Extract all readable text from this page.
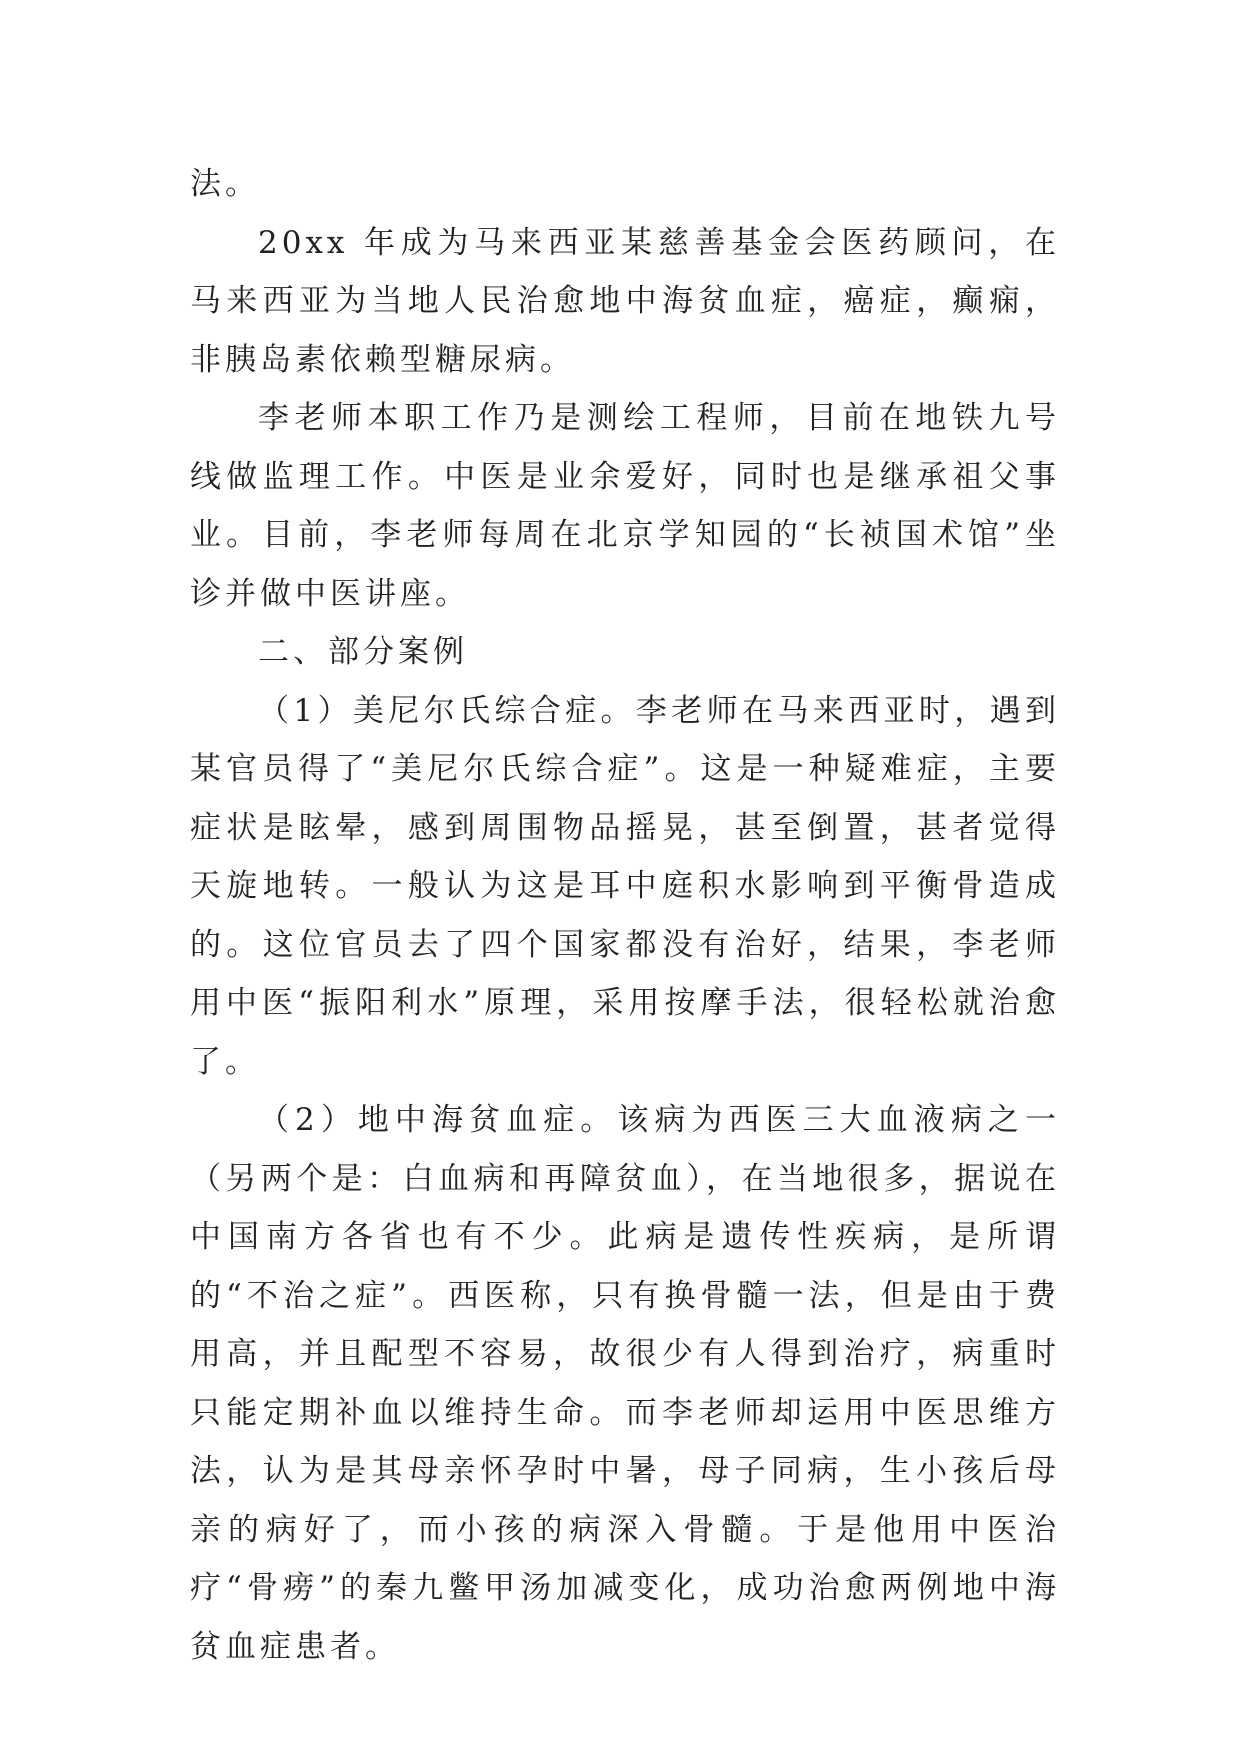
法。

20xx 年成为马来西亚某慈善基金会医药顾问，在马来西亚为当地人民治愈地中海贫血症，癌症，癫痫，非胰岛素依赖型糖尿病。

李老师本职工作乃是测绘工程师，目前在地铁九号线做监理工作。中医是业余爱好，同时也是继承祖父事业。目前，李老师每周在北京学知园的“长祯国术馆”坐诊并做中医讲座。

二、部分案例

（1）美尼尔氏综合症。李老师在马来西亚时，遇到某官员得了“美尼尔氏综合症”。这是一种疑难症，主要症状是眩晕，感到周围物品摇晃，甚至倒置，甚者觉得天旋地转。一般认为这是耳中庭积水影响到平衡骨造成的。这位官员去了四个国家都没有治好，结果，李老师用中医“振阳利水”原理，采用按摩手法，很轻松就治愈了。

（2）地中海贫血症。该病为西医三大血液病之一（另两个是：白血病和再障贫血），在当地很多，据说在中国南方各省也有不少。此病是遗传性疾病，是所谓的“不治之症”。西医称，只有换骨髓一法，但是由于费用高，并且配型不容易，故很少有人得到治疗，病重时只能定期补血以维持生命。而李老师却运用中医思维方法，认为是其母亲怀孕时中暑，母子同病，生小孩后母亲的病好了，而小孩的病深入骨髓。于是他用中医治疗“骨痨”的秦九鳖甲汤加减变化，成功治愈两例地中海贫血症患者。
